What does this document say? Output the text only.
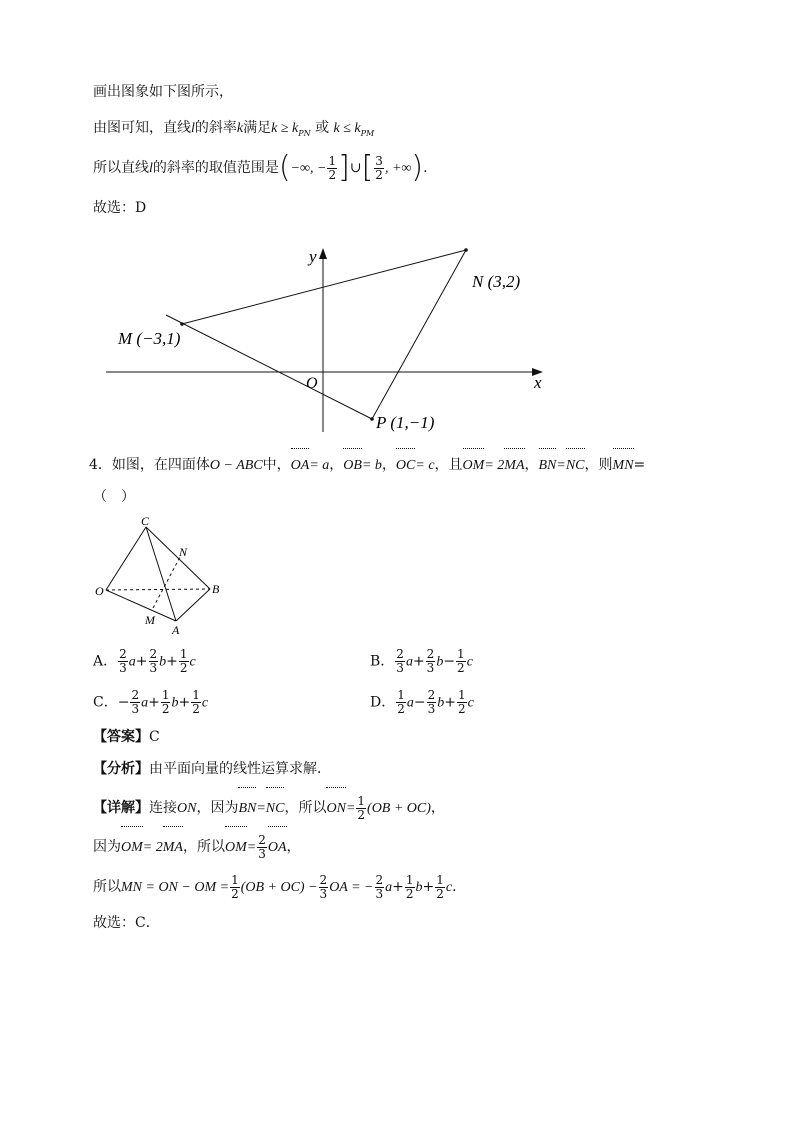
画出图象如下图所示，
由图可知，直线l的斜率k满足$k \ge k_{PN}$ 或 $k \le k_{PM}$
所以直线l的斜率的取值范围是(−∞, − $\frac{1}{2}$ ]∪[ $\frac{3}{2}$ , +∞).
故选：D
y
x
O
N (3,2)
M (−3,1)
P (1,−1)
4．如图，在四面体O − ABC中，OA= a，OB= b，OC= c，且OM= 2MA，BN=NC，则MN=
（　）
C
N
O	B
M
A
A． $\frac{2}{3} a+ \frac{2}{3} b+ \frac{1}{2}$ c	B． $\frac{2}{3} a+ \frac{2}{3} b- \frac{1}{2}$ c
C．− $\frac{2}{3} a+ \frac{1}{2} b+ \frac{1}{2}$ c	D． $\frac{1}{2} a- \frac{2}{3} b+ \frac{1}{2}$ c
【答案】C
【分析】由平面向量的线性运算求解．
【详解】连接ON，因为BN=NC，所以$ON= \frac{1}{2} (OB + OC)$，
因为OM= 2MA，所以$OM= \frac{2}{3}$ OA，
所以MN = ON − OM = $\frac{1}{2} (OB + OC) - \frac{2}{3}$ OA = − $\frac{2}{3} a+ \frac{1}{2} b+ \frac{1}{2}$ c．
故选：C．
